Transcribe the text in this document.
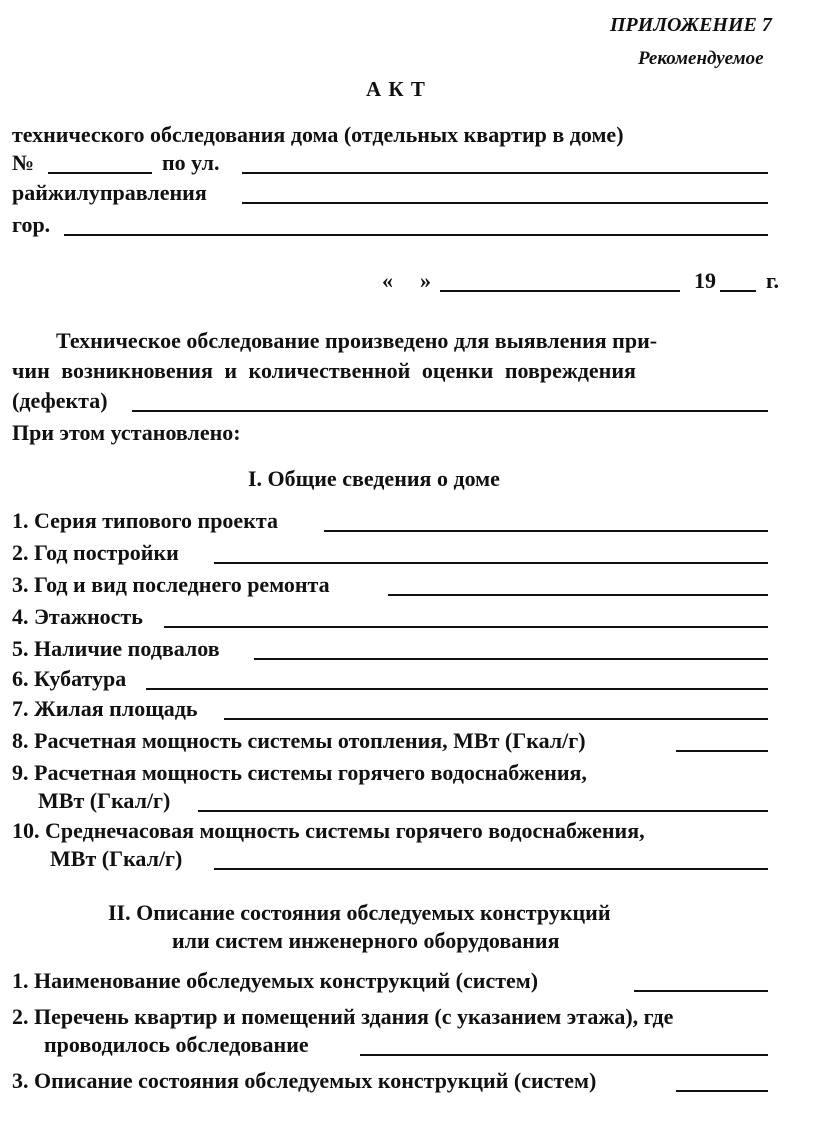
ПРИЛОЖЕНИЕ 7
Рекомендуемое
А К Т
технического обследования дома (отдельных квартир в доме)
№	по ул.
райжилуправления
гор.
« »	19 г.
Техническое обследование произведено для выявления при-
чин возникновения и количественной оценки повреждения
(дефекта)
При этом установлено:
I. Общие сведения о доме
1. Серия типового проекта
2. Год постройки
3. Год и вид последнего ремонта
4. Этажность
5. Наличие подвалов
6. Кубатура
7. Жилая площадь
8. Расчетная мощность системы отопления, МВт (Гкал/г)
9. Расчетная мощность системы горячего водоснабжения,
МВт (Гкал/г)
10. Среднечасовая мощность системы горячего водоснабжения,
МВт (Гкал/г)
II. Описание состояния обследуемых конструкций
или систем инженерного оборудования
1. Наименование обследуемых конструкций (систем)
2. Перечень квартир и помещений здания (с указанием этажа), где
проводилось обследование
3. Описание состояния обследуемых конструкций (систем)
